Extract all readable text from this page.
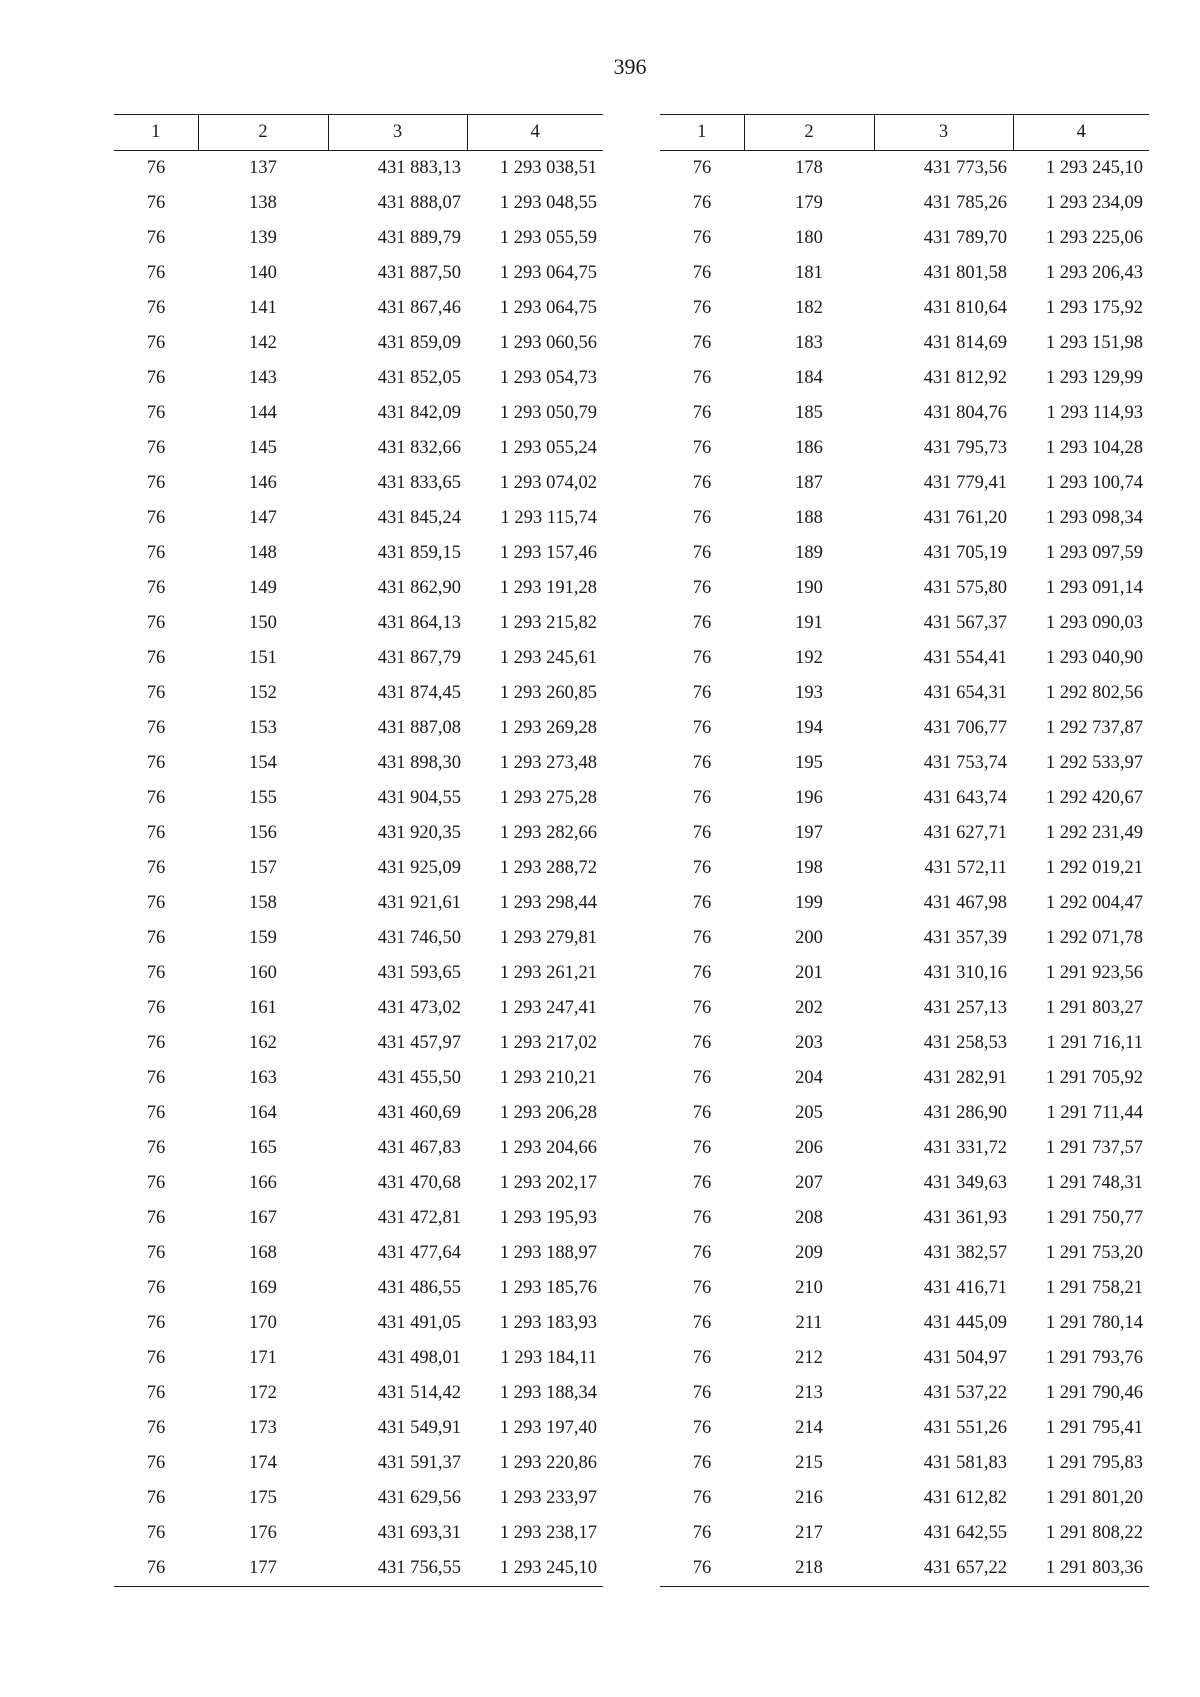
396
1	2	3	4
76	137	431 883,13	1 293 038,51
76	138	431 888,07	1 293 048,55
76	139	431 889,79	1 293 055,59
76	140	431 887,50	1 293 064,75
76	141	431 867,46	1 293 064,75
76	142	431 859,09	1 293 060,56
76	143	431 852,05	1 293 054,73
76	144	431 842,09	1 293 050,79
76	145	431 832,66	1 293 055,24
76	146	431 833,65	1 293 074,02
76	147	431 845,24	1 293 115,74
76	148	431 859,15	1 293 157,46
76	149	431 862,90	1 293 191,28
76	150	431 864,13	1 293 215,82
76	151	431 867,79	1 293 245,61
76	152	431 874,45	1 293 260,85
76	153	431 887,08	1 293 269,28
76	154	431 898,30	1 293 273,48
76	155	431 904,55	1 293 275,28
76	156	431 920,35	1 293 282,66
76	157	431 925,09	1 293 288,72
76	158	431 921,61	1 293 298,44
76	159	431 746,50	1 293 279,81
76	160	431 593,65	1 293 261,21
76	161	431 473,02	1 293 247,41
76	162	431 457,97	1 293 217,02
76	163	431 455,50	1 293 210,21
76	164	431 460,69	1 293 206,28
76	165	431 467,83	1 293 204,66
76	166	431 470,68	1 293 202,17
76	167	431 472,81	1 293 195,93
76	168	431 477,64	1 293 188,97
76	169	431 486,55	1 293 185,76
76	170	431 491,05	1 293 183,93
76	171	431 498,01	1 293 184,11
76	172	431 514,42	1 293 188,34
76	173	431 549,91	1 293 197,40
76	174	431 591,37	1 293 220,86
76	175	431 629,56	1 293 233,97
76	176	431 693,31	1 293 238,17
76	177	431 756,55	1 293 245,10
1	2	3	4
76	178	431 773,56	1 293 245,10
76	179	431 785,26	1 293 234,09
76	180	431 789,70	1 293 225,06
76	181	431 801,58	1 293 206,43
76	182	431 810,64	1 293 175,92
76	183	431 814,69	1 293 151,98
76	184	431 812,92	1 293 129,99
76	185	431 804,76	1 293 114,93
76	186	431 795,73	1 293 104,28
76	187	431 779,41	1 293 100,74
76	188	431 761,20	1 293 098,34
76	189	431 705,19	1 293 097,59
76	190	431 575,80	1 293 091,14
76	191	431 567,37	1 293 090,03
76	192	431 554,41	1 293 040,90
76	193	431 654,31	1 292 802,56
76	194	431 706,77	1 292 737,87
76	195	431 753,74	1 292 533,97
76	196	431 643,74	1 292 420,67
76	197	431 627,71	1 292 231,49
76	198	431 572,11	1 292 019,21
76	199	431 467,98	1 292 004,47
76	200	431 357,39	1 292 071,78
76	201	431 310,16	1 291 923,56
76	202	431 257,13	1 291 803,27
76	203	431 258,53	1 291 716,11
76	204	431 282,91	1 291 705,92
76	205	431 286,90	1 291 711,44
76	206	431 331,72	1 291 737,57
76	207	431 349,63	1 291 748,31
76	208	431 361,93	1 291 750,77
76	209	431 382,57	1 291 753,20
76	210	431 416,71	1 291 758,21
76	211	431 445,09	1 291 780,14
76	212	431 504,97	1 291 793,76
76	213	431 537,22	1 291 790,46
76	214	431 551,26	1 291 795,41
76	215	431 581,83	1 291 795,83
76	216	431 612,82	1 291 801,20
76	217	431 642,55	1 291 808,22
76	218	431 657,22	1 291 803,36
